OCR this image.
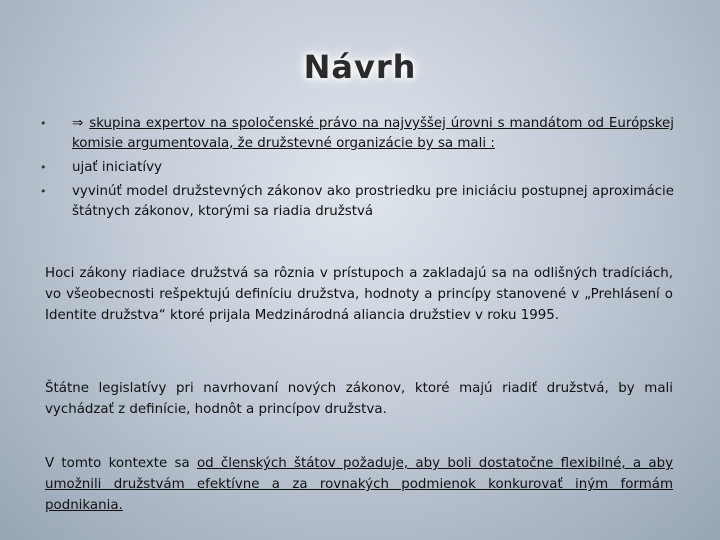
Návrh
• ⇒ skupina expertov na spoločenské právo na najvyššej úrovni s mandátom od Európskej komisie argumentovala, že družstevné organizácie by sa mali :
• ujať iniciatívy
• vyvinúť model družstevných zákonov ako prostriedku pre iniciáciu postupnej aproximácie štátnych zákonov, ktorými sa riadia družstvá

Hoci zákony riadiace družstvá sa rôznia v prístupoch a zakladajú sa na odlišných tradíciách, vo všeobecnosti rešpektujú definíciu družstva, hodnoty a princípy stanovené v „Prehlásení o Identite družstva“ ktoré prijala Medzinárodná aliancia družstiev v roku 1995.

Štátne legislatívy pri navrhovaní nových zákonov, ktoré majú riadiť družstvá, by mali vychádzať z definície, hodnôt a princípov družstva.

V tomto kontexte sa od členských štátov požaduje, aby boli dostatočne flexibilné, a aby umožnili družstvám efektívne a za rovnakých podmienok konkurovať iným formám podnikania.
